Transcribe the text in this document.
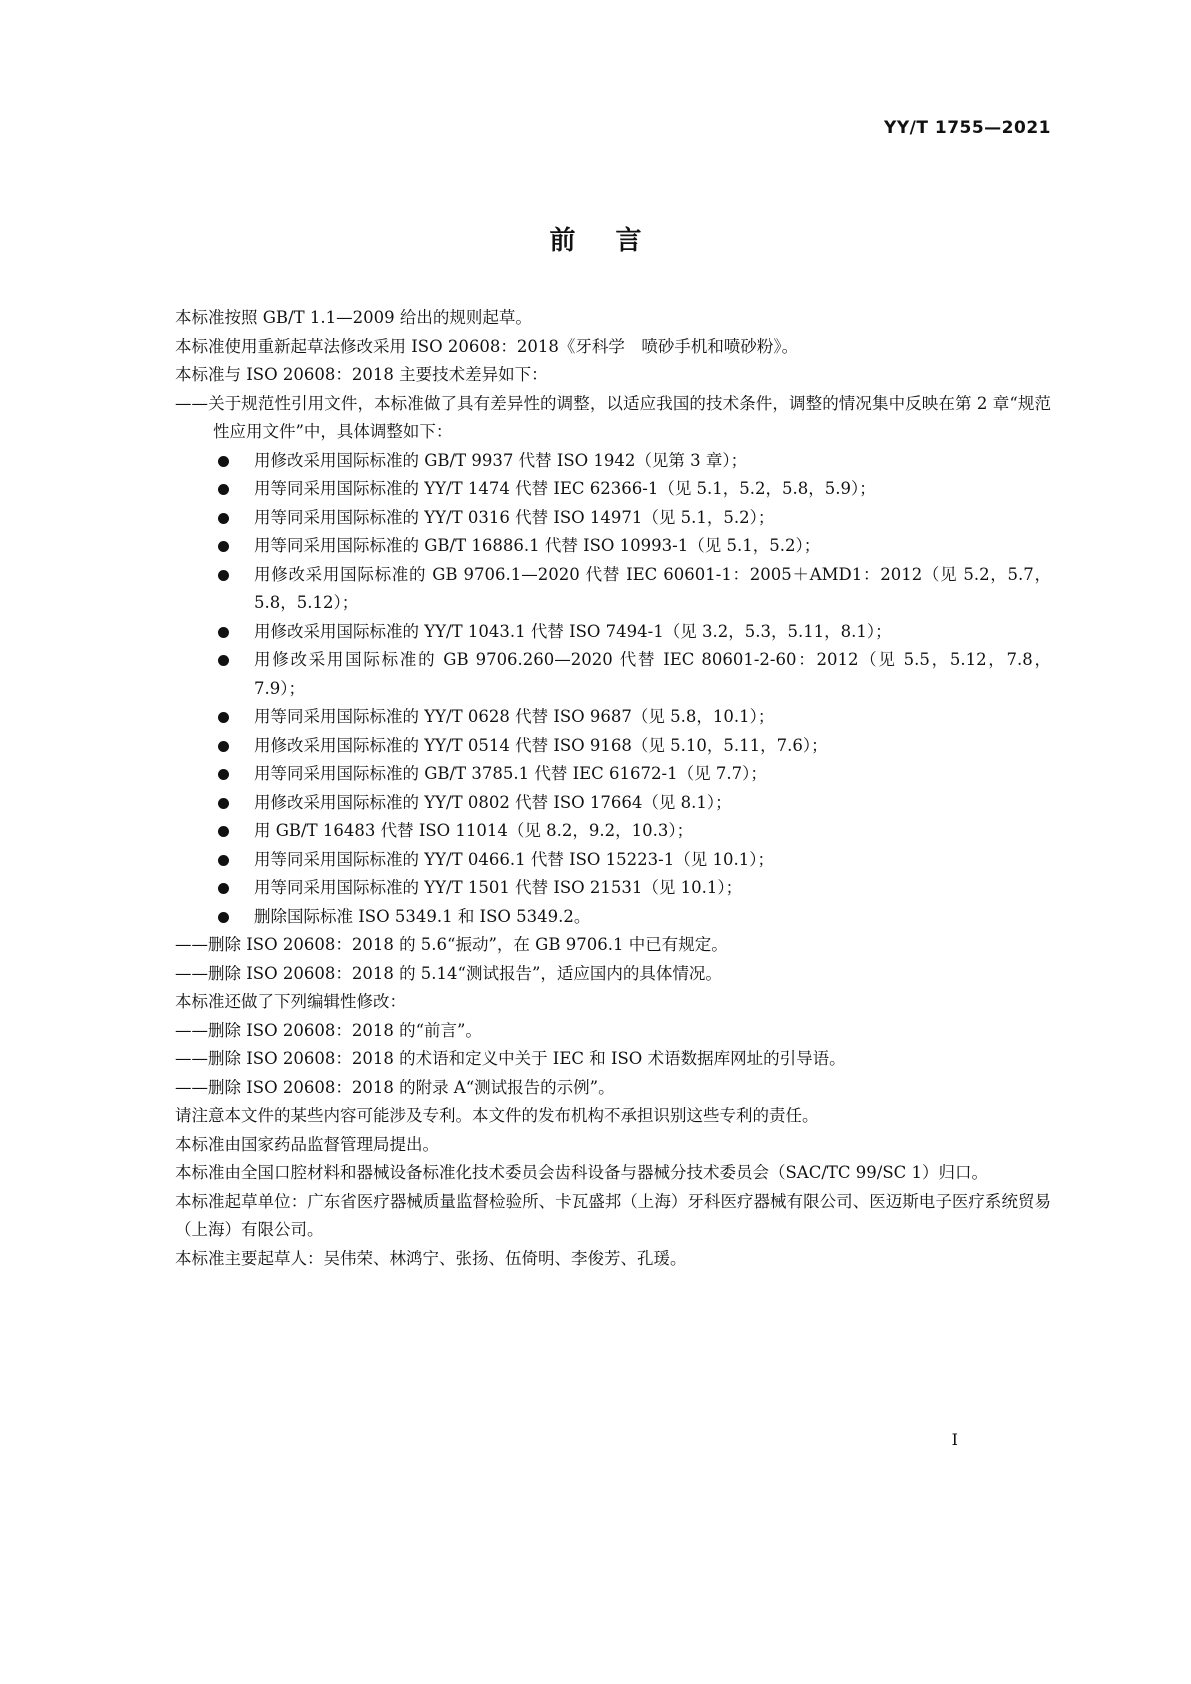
YY/T 1755—2021
前言

本标准按照 GB/T 1.1—2009 给出的规则起草。

本标准使用重新起草法修改采用 ISO 20608：2018《牙科学　喷砂手机和喷砂粉》。

本标准与 ISO 20608：2018 主要技术差异如下：

——关于规范性引用文件，本标准做了具有差异性的调整，以适应我国的技术条件，调整的情况集中反映在第 2 章“规范性应用文件”中，具体调整如下：

用修改采用国际标准的 GB/T 9937 代替 ISO 1942（见第 3 章）；
用等同采用国际标准的 YY/T 1474 代替 IEC 62366-1（见 5.1，5.2，5.8，5.9）；
用等同采用国际标准的 YY/T 0316 代替 ISO 14971（见 5.1，5.2）；
用等同采用国际标准的 GB/T 16886.1 代替 ISO 10993-1（见 5.1，5.2）；
用修改采用国际标准的 GB 9706.1—2020 代替 IEC 60601-1：2005＋AMD1：2012（见 5.2，5.7，5.8，5.12）；
用修改采用国际标准的 YY/T 1043.1 代替 ISO 7494-1（见 3.2，5.3，5.11，8.1）；
用修改采用国际标准的 GB 9706.260—2020 代替 IEC 80601-2-60：2012（见 5.5，5.12，7.8，7.9）；
用等同采用国际标准的 YY/T 0628 代替 ISO 9687（见 5.8，10.1）；
用修改采用国际标准的 YY/T 0514 代替 ISO 9168（见 5.10，5.11，7.6）；
用等同采用国际标准的 GB/T 3785.1 代替 IEC 61672-1（见 7.7）；
用修改采用国际标准的 YY/T 0802 代替 ISO 17664（见 8.1）；
用 GB/T 16483 代替 ISO 11014（见 8.2，9.2，10.3）；
用等同采用国际标准的 YY/T 0466.1 代替 ISO 15223-1（见 10.1）；
用等同采用国际标准的 YY/T 1501 代替 ISO 21531（见 10.1）；
删除国际标准 ISO 5349.1 和 ISO 5349.2。

——删除 ISO 20608：2018 的 5.6“振动”，在 GB 9706.1 中已有规定。

——删除 ISO 20608：2018 的 5.14“测试报告”，适应国内的具体情况。

本标准还做了下列编辑性修改：

——删除 ISO 20608：2018 的“前言”。

——删除 ISO 20608：2018 的术语和定义中关于 IEC 和 ISO 术语数据库网址的引导语。

——删除 ISO 20608：2018 的附录 A“测试报告的示例”。

请注意本文件的某些内容可能涉及专利。本文件的发布机构不承担识别这些专利的责任。

本标准由国家药品监督管理局提出。

本标准由全国口腔材料和器械设备标准化技术委员会齿科设备与器械分技术委员会（SAC/TC 99/SC 1）归口。

本标准起草单位：广东省医疗器械质量监督检验所、卡瓦盛邦（上海）牙科医疗器械有限公司、医迈斯电子医疗系统贸易（上海）有限公司。

本标准主要起草人：吴伟荣、林鸿宁、张扬、伍倚明、李俊芳、孔瑗。

I
